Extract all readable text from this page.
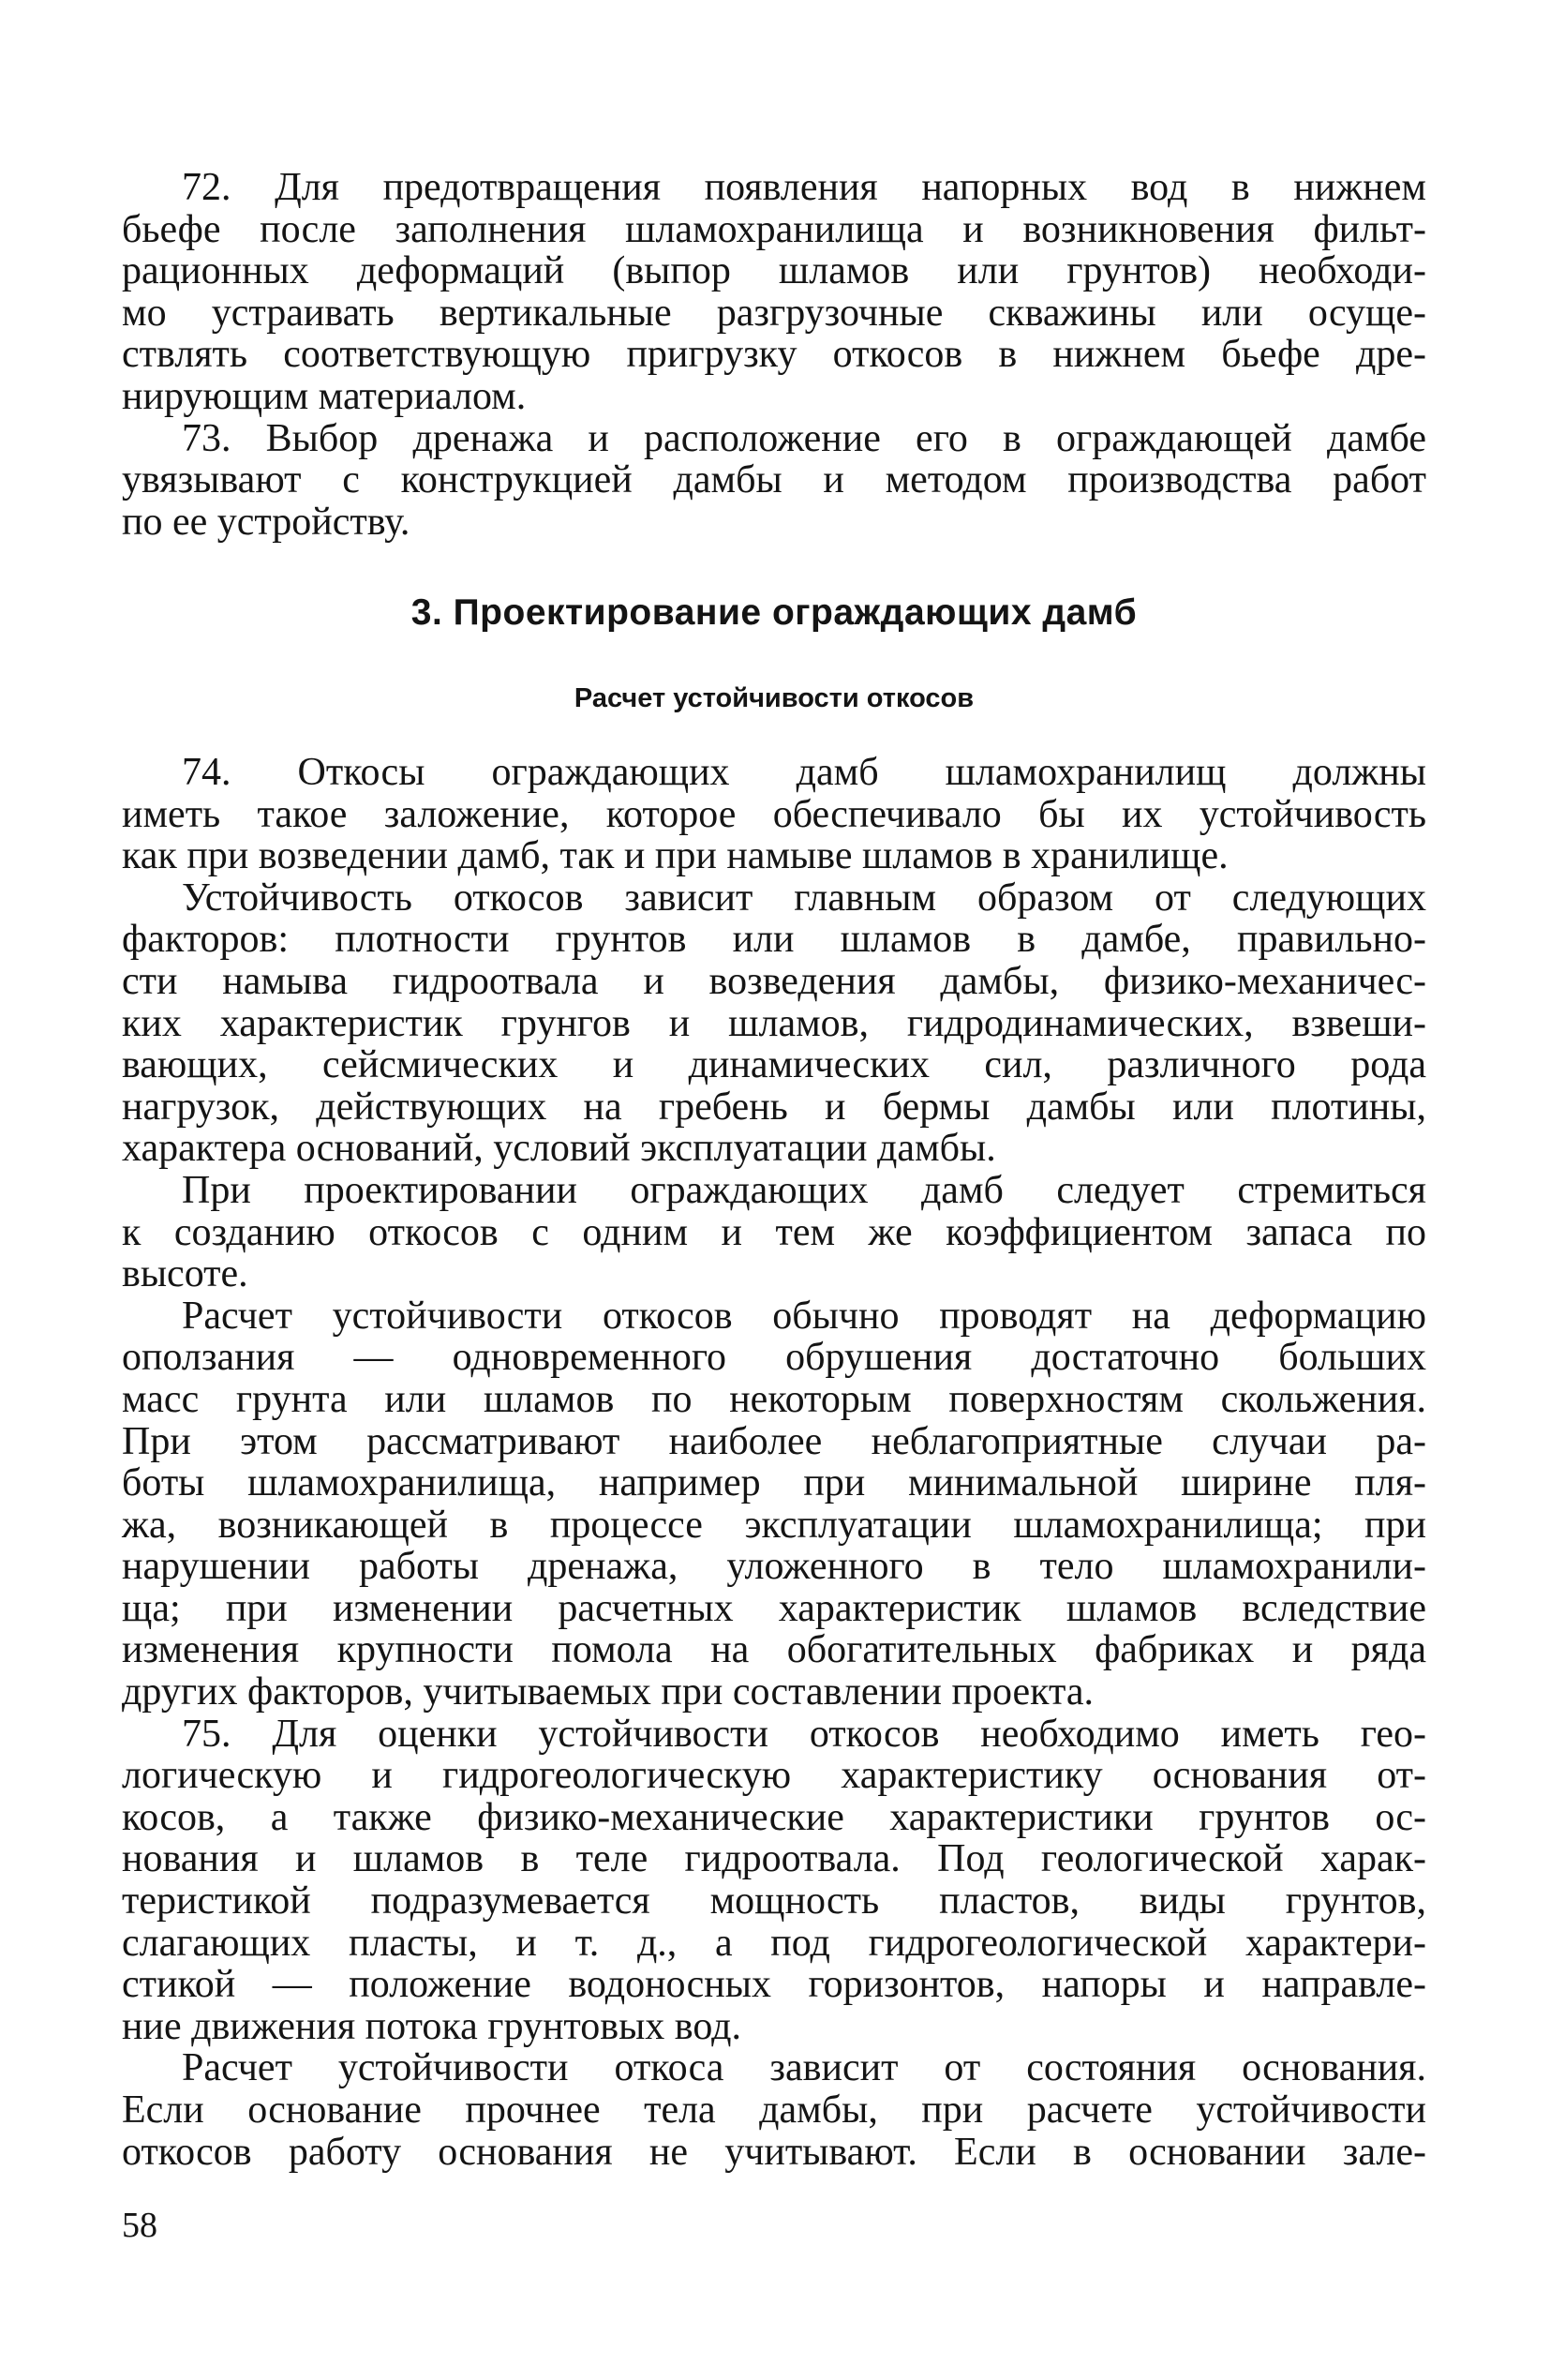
72. Для предотвращения появления напорных вод в нижнем
бьефе после заполнения шламохранилища и возникновения фильт-
рационных деформаций (выпор шламов или грунтов) необходи-
мо устраивать вертикальные разгрузочные скважины или осуще-
ствлять соответствующую пригрузку откосов в нижнем бьефе дре-
нирующим материалом.
73. Выбор дренажа и расположение его в ограждающей дамбе
увязывают с конструкцией дамбы и методом производства работ
по ее устройству.
3. Проектирование ограждающих дамб
Расчет устойчивости откосов
74. Откосы ограждающих дамб шламохранилищ должны
иметь такое заложение, которое обеспечивало бы их устойчивость
как при возведении дамб, так и при намыве шламов в хранилище.
Устойчивость откосов зависит главным образом от следующих
факторов: плотности грунтов или шламов в дамбе, правильно-
сти намыва гидроотвала и возведения дамбы, физико-механичес-
ких характеристик грунгов и шламов, гидродинамических, взвеши-
вающих, сейсмических и динамических сил, различного рода
нагрузок, действующих на гребень и бермы дамбы или плотины,
характера оснований, условий эксплуатации дамбы.
При проектировании ограждающих дамб следует стремиться
к созданию откосов с одним и тем же коэффициентом запаса по
высоте.
Расчет устойчивости откосов обычно проводят на деформацию
оползания — одновременного обрушения достаточно больших
масс грунта или шламов по некоторым поверхностям скольжения.
При этом рассматривают наиболее неблагоприятные случаи ра-
боты шламохранилища, например при минимальной ширине пля-
жа, возникающей в процессе эксплуатации шламохранилища; при
нарушении работы дренажа, уложенного в тело шламохранили-
ща; при изменении расчетных характеристик шламов вследствие
изменения крупности помола на обогатительных фабриках и ряда
других факторов, учитываемых при составлении проекта.
75. Для оценки устойчивости откосов необходимо иметь гео-
логическую и гидрогеологическую характеристику основания от-
косов, а также физико-механические характеристики грунтов ос-
нования и шламов в теле гидроотвала. Под геологической харак-
теристикой подразумевается мощность пластов, виды грунтов,
слагающих пласты, и т. д., а под гидрогеологической характери-
стикой — положение водоносных горизонтов, напоры и направле-
ние движения потока грунтовых вод.
Расчет устойчивости откоса зависит от состояния основания.
Если основание прочнее тела дамбы, при расчете устойчивости
откосов работу основания не учитывают. Если в основании зале-
58
